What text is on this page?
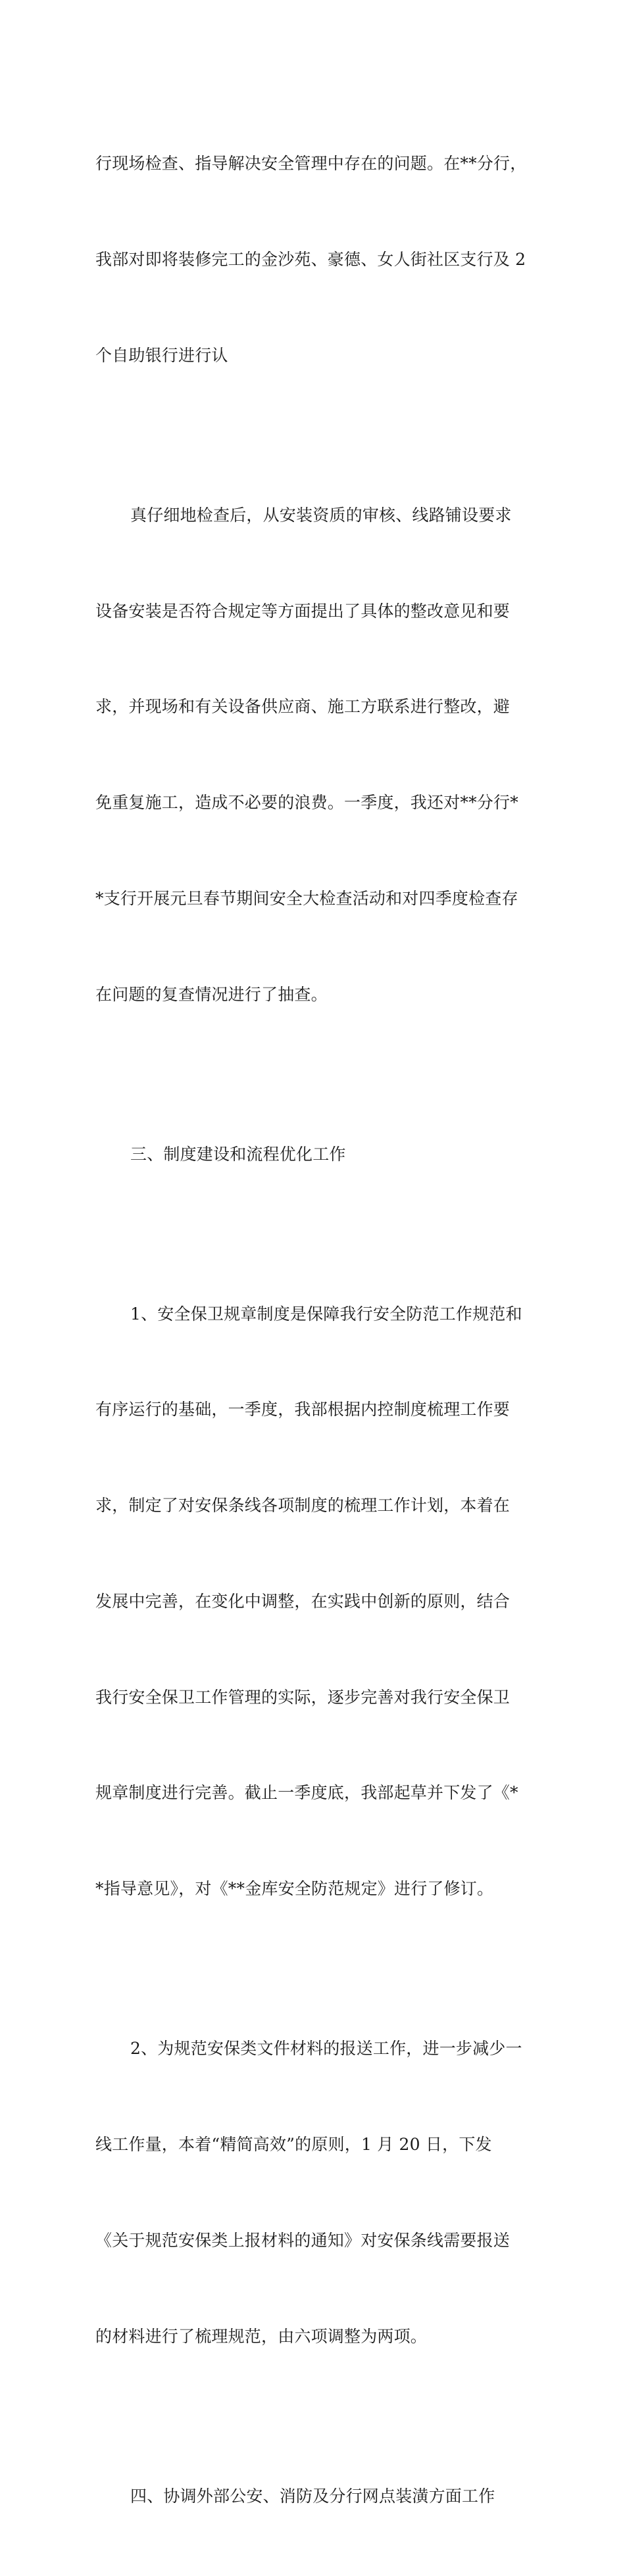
行现场检查、指导解决安全管理中存在的问题。在**分行，

我部对即将装修完工的金沙苑、豪德、女人街社区支行及 2

个自助银行进行认

真仔细地检查后，从安装资质的审核、线路铺设要求

设备安装是否符合规定等方面提出了具体的整改意见和要

求，并现场和有关设备供应商、施工方联系进行整改，避

免重复施工，造成不必要的浪费。一季度，我还对**分行*

*支行开展元旦春节期间安全大检查活动和对四季度检查存

在问题的复查情况进行了抽查。

三、制度建设和流程优化工作

1、安全保卫规章制度是保障我行安全防范工作规范和

有序运行的基础，一季度，我部根据内控制度梳理工作要

求，制定了对安保条线各项制度的梳理工作计划，本着在

发展中完善，在变化中调整，在实践中创新的原则，结合

我行安全保卫工作管理的实际，逐步完善对我行安全保卫

规章制度进行完善。截止一季度底，我部起草并下发了《*

*指导意见》，对《**金库安全防范规定》进行了修订。

2、为规范安保类文件材料的报送工作，进一步减少一

线工作量，本着“精简高效”的原则，1 月 20 日，下发

《关于规范安保类上报材料的通知》对安保条线需要报送

的材料进行了梳理规范，由六项调整为两项。

四、协调外部公安、消防及分行网点装潢方面工作
